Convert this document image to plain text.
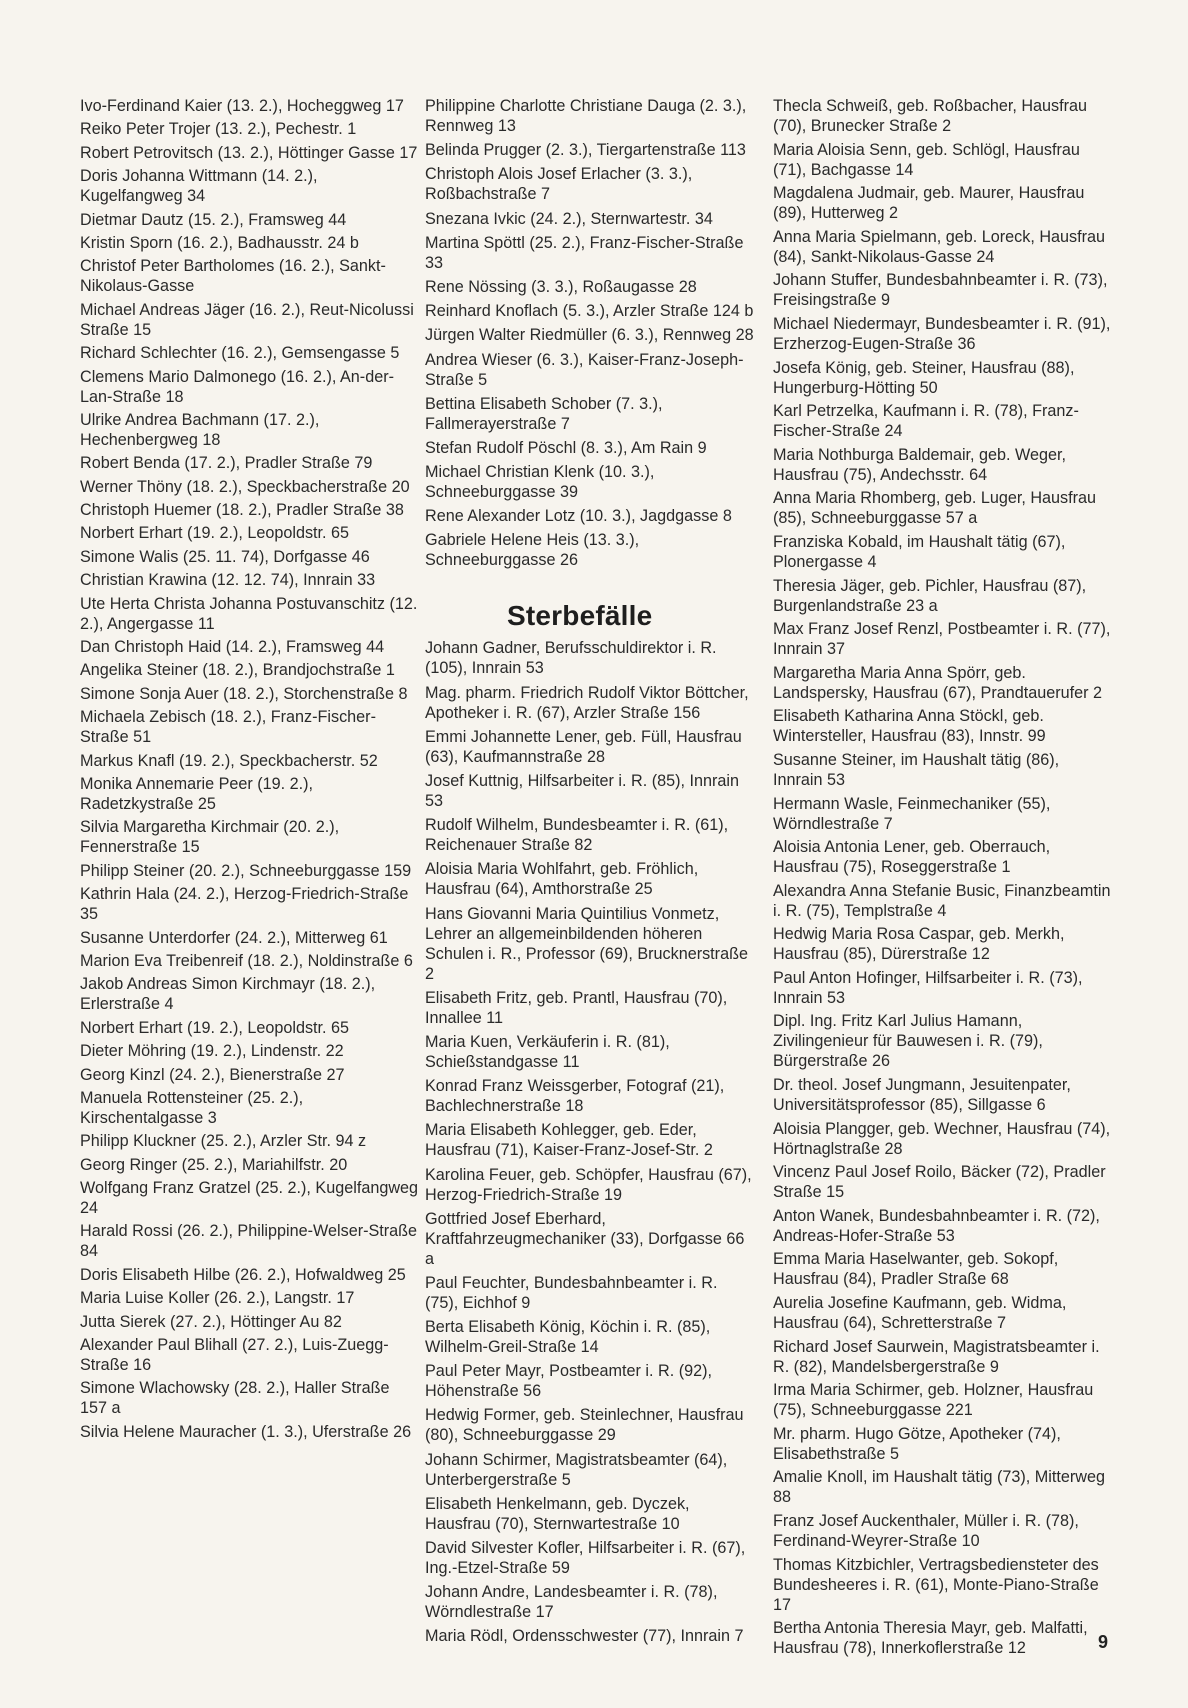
Ivo-Ferdinand Kaier (13. 2.), Hocheggweg 17
Reiko Peter Trojer (13. 2.), Pechestr. 1
Robert Petrovitsch (13. 2.), Höttinger Gasse 17
Doris Johanna Wittmann (14. 2.), Kugelfangweg 34
Dietmar Dautz (15. 2.), Framsweg 44
Kristin Sporn (16. 2.), Badhausstr. 24 b
Christof Peter Bartholomes (16. 2.), Sankt-Nikolaus-Gasse
Michael Andreas Jäger (16. 2.), Reut-Nicolussi Straße 15
Richard Schlechter (16. 2.), Gemsengasse 5
Clemens Mario Dalmonego (16. 2.), An-der-Lan-Straße 18
Ulrike Andrea Bachmann (17. 2.), Hechenbergweg 18
Robert Benda (17. 2.), Pradler Straße 79
Werner Thöny (18. 2.), Speckbacherstraße 20
Christoph Huemer (18. 2.), Pradler Straße 38
Norbert Erhart (19. 2.), Leopoldstr. 65
Simone Walis (25. 11. 74), Dorfgasse 46
Christian Krawina (12. 12. 74), Innrain 33
Ute Herta Christa Johanna Postuvanschitz (12. 2.), Angergasse 11
Dan Christoph Haid (14. 2.), Framsweg 44
Angelika Steiner (18. 2.), Brandjochstraße 1
Simone Sonja Auer (18. 2.), Storchenstraße 8
Michaela Zebisch (18. 2.), Franz-Fischer-Straße 51
Markus Knafl (19. 2.), Speckbacherstr. 52
Monika Annemarie Peer (19. 2.), Radetzkystraße 25
Silvia Margaretha Kirchmair (20. 2.), Fennerstraße 15
Philipp Steiner (20. 2.), Schneeburggasse 159
Kathrin Hala (24. 2.), Herzog-Friedrich-Straße 35
Susanne Unterdorfer (24. 2.), Mitterweg 61
Marion Eva Treibenreif (18. 2.), Noldinstraße 6
Jakob Andreas Simon Kirchmayr (18. 2.), Erlerstraße 4
Norbert Erhart (19. 2.), Leopoldstr. 65
Dieter Möhring (19. 2.), Lindenstr. 22
Georg Kinzl (24. 2.), Bienerstraße 27
Manuela Rottensteiner (25. 2.), Kirschentalgasse 3
Philipp Kluckner (25. 2.), Arzler Str. 94 z
Georg Ringer (25. 2.), Mariahilfstr. 20
Wolfgang Franz Gratzel (25. 2.), Kugelfangweg 24
Harald Rossi (26. 2.), Philippine-Welser-Straße 84
Doris Elisabeth Hilbe (26. 2.), Hofwaldweg 25
Maria Luise Koller (26. 2.), Langstr. 17
Jutta Sierek (27. 2.), Höttinger Au 82
Alexander Paul Blihall (27. 2.), Luis-Zuegg-Straße 16
Simone Wlachowsky (28. 2.), Haller Straße 157 a
Silvia Helene Mauracher (1. 3.), Uferstraße 26
Philippine Charlotte Christiane Dauga (2. 3.), Rennweg 13
Belinda Prugger (2. 3.), Tiergartenstraße 113
Christoph Alois Josef Erlacher (3. 3.), Roßbachstraße 7
Snezana Ivkic (24. 2.), Sternwartestr. 34
Martina Spöttl (25. 2.), Franz-Fischer-Straße 33
Rene Nössing (3. 3.), Roßaugasse 28
Reinhard Knoflach (5. 3.), Arzler Straße 124 b
Jürgen Walter Riedmüller (6. 3.), Rennweg 28
Andrea Wieser (6. 3.), Kaiser-Franz-Joseph-Straße 5
Bettina Elisabeth Schober (7. 3.), Fallmerayerstraße 7
Stefan Rudolf Pöschl (8. 3.), Am Rain 9
Michael Christian Klenk (10. 3.), Schneeburggasse 39
Rene Alexander Lotz (10. 3.), Jagdgasse 8
Gabriele Helene Heis (13. 3.), Schneeburggasse 26
Sterbefälle
Johann Gadner, Berufsschuldirektor i. R. (105), Innrain 53
Mag. pharm. Friedrich Rudolf Viktor Böttcher, Apotheker i. R. (67), Arzler Straße 156
Emmi Johannette Lener, geb. Füll, Hausfrau (63), Kaufmannstraße 28
Josef Kuttnig, Hilfsarbeiter i. R. (85), Innrain 53
Rudolf Wilhelm, Bundesbeamter i. R. (61), Reichenauer Straße 82
Aloisia Maria Wohlfahrt, geb. Fröhlich, Hausfrau (64), Amthorstraße 25
Hans Giovanni Maria Quintilius Vonmetz, Lehrer an allgemeinbildenden höheren Schulen i. R., Professor (69), Brucknerstraße 2
Elisabeth Fritz, geb. Prantl, Hausfrau (70), Innallee 11
Maria Kuen, Verkäuferin i. R. (81), Schießstandgasse 11
Konrad Franz Weissgerber, Fotograf (21), Bachlechnerstraße 18
Maria Elisabeth Kohlegger, geb. Eder, Hausfrau (71), Kaiser-Franz-Josef-Str. 2
Karolina Feuer, geb. Schöpfer, Hausfrau (67), Herzog-Friedrich-Straße 19
Gottfried Josef Eberhard, Kraftfahrzeugmechaniker (33), Dorfgasse 66 a
Paul Feuchter, Bundesbahnbeamter i. R. (75), Eichhof 9
Berta Elisabeth König, Köchin i. R. (85), Wilhelm-Greil-Straße 14
Paul Peter Mayr, Postbeamter i. R. (92), Höhenstraße 56
Hedwig Former, geb. Steinlechner, Hausfrau (80), Schneeburggasse 29
Johann Schirmer, Magistratsbeamter (64), Unterbergerstraße 5
Elisabeth Henkelmann, geb. Dyczek, Hausfrau (70), Sternwartestraße 10
David Silvester Kofler, Hilfsarbeiter i. R. (67), Ing.-Etzel-Straße 59
Johann Andre, Landesbeamter i. R. (78), Wörndlestraße 17
Maria Rödl, Ordensschwester (77), Innrain 7
Thecla Schweiß, geb. Roßbacher, Hausfrau (70), Brunecker Straße 2
Maria Aloisia Senn, geb. Schlögl, Hausfrau (71), Bachgasse 14
Magdalena Judmair, geb. Maurer, Hausfrau (89), Hutterweg 2
Anna Maria Spielmann, geb. Loreck, Hausfrau (84), Sankt-Nikolaus-Gasse 24
Johann Stuffer, Bundesbahnbeamter i. R. (73), Freisingstraße 9
Michael Niedermayr, Bundesbeamter i. R. (91), Erzherzog-Eugen-Straße 36
Josefa König, geb. Steiner, Hausfrau (88), Hungerburg-Hötting 50
Karl Petrzelka, Kaufmann i. R. (78), Franz-Fischer-Straße 24
Maria Nothburga Baldemair, geb. Weger, Hausfrau (75), Andechsstr. 64
Anna Maria Rhomberg, geb. Luger, Hausfrau (85), Schneeburggasse 57 a
Franziska Kobald, im Haushalt tätig (67), Plonergasse 4
Theresia Jäger, geb. Pichler, Hausfrau (87), Burgenlandstraße 23 a
Max Franz Josef Renzl, Postbeamter i. R. (77), Innrain 37
Margaretha Maria Anna Spörr, geb. Landspersky, Hausfrau (67), Prandtauerufer 2
Elisabeth Katharina Anna Stöckl, geb. Wintersteller, Hausfrau (83), Innstr. 99
Susanne Steiner, im Haushalt tätig (86), Innrain 53
Hermann Wasle, Feinmechaniker (55), Wörndlestraße 7
Aloisia Antonia Lener, geb. Oberrauch, Hausfrau (75), Roseggerstraße 1
Alexandra Anna Stefanie Busic, Finanzbeamtin i. R. (75), Templstraße 4
Hedwig Maria Rosa Caspar, geb. Merkh, Hausfrau (85), Dürerstraße 12
Paul Anton Hofinger, Hilfsarbeiter i. R. (73), Innrain 53
Dipl. Ing. Fritz Karl Julius Hamann, Zivilingenieur für Bauwesen i. R. (79), Bürgerstraße 26
Dr. theol. Josef Jungmann, Jesuitenpater, Universitätsprofessor (85), Sillgasse 6
Aloisia Plangger, geb. Wechner, Hausfrau (74), Hörtnaglstraße 28
Vincenz Paul Josef Roilo, Bäcker (72), Pradler Straße 15
Anton Wanek, Bundesbahnbeamter i. R. (72), Andreas-Hofer-Straße 53
Emma Maria Haselwanter, geb. Sokopf, Hausfrau (84), Pradler Straße 68
Aurelia Josefine Kaufmann, geb. Widma, Hausfrau (64), Schretterstraße 7
Richard Josef Saurwein, Magistratsbeamter i. R. (82), Mandelsbergerstraße 9
Irma Maria Schirmer, geb. Holzner, Hausfrau (75), Schneeburggasse 221
Mr. pharm. Hugo Götze, Apotheker (74), Elisabethstraße 5
Amalie Knoll, im Haushalt tätig (73), Mitterweg 88
Franz Josef Auckenthaler, Müller i. R. (78), Ferdinand-Weyrer-Straße 10
Thomas Kitzbichler, Vertragsbediensteter des Bundesheeres i. R. (61), Monte-Piano-Straße 17
Bertha Antonia Theresia Mayr, geb. Malfatti, Hausfrau (78), Innerkoflerstraße 12	9
